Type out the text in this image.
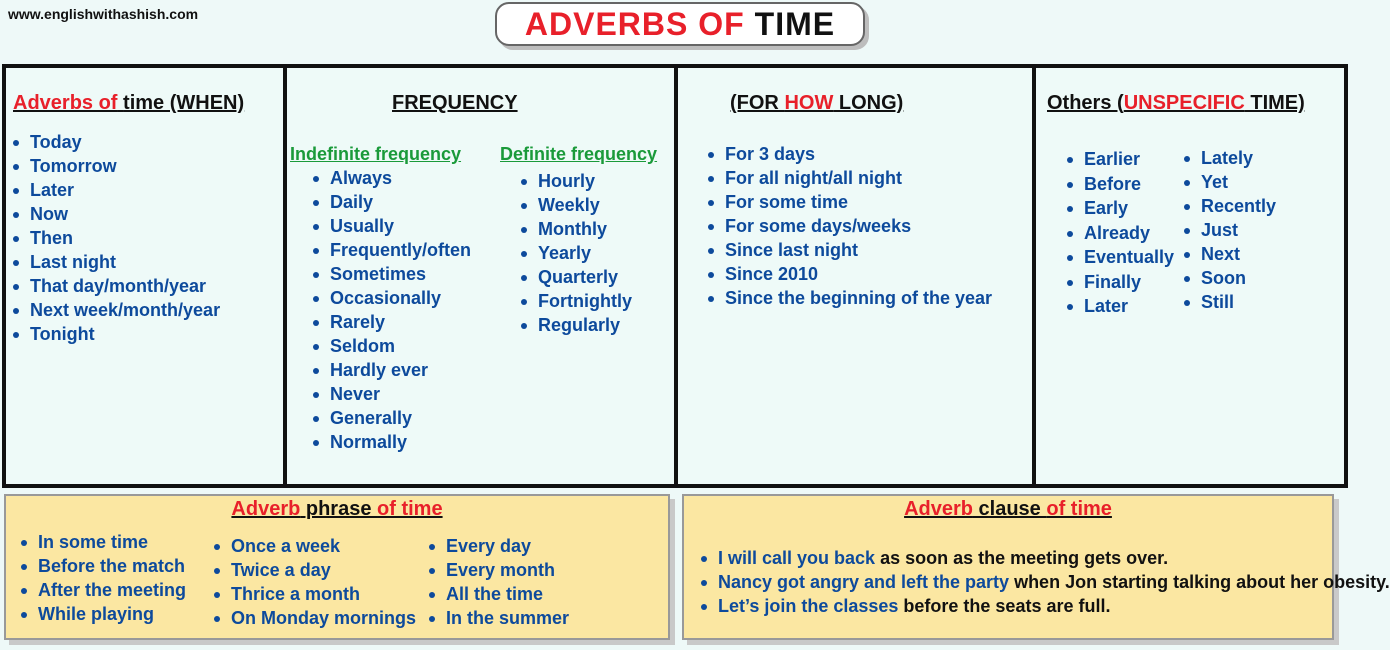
www.englishwithashish.com	ADVERBS OF TIME
Adverbs of time (WHEN)
Today
Tomorrow
Later
Now
Then
Last night
That day/month/year
Next week/month/year
Tonight
FREQUENCY
Indefinite frequency
Always
Daily
Usually
Frequently/often
Sometimes
Occasionally
Rarely
Seldom
Hardly ever
Never
Generally
Normally
Definite frequency
Hourly
Weekly
Monthly
Yearly
Quarterly
Fortnightly
Regularly
(FOR HOW LONG)
For 3 days
For all night/all night
For some time
For some days/weeks
Since last night
Since 2010
Since the beginning of the year
Others (UNSPECIFIC TIME)
Earlier
Before
Early
Already
Eventually
Finally
Later
Lately
Yet
Recently
Just
Next
Soon
Still
Adverb phrase of time
In some time
Before the match
After the meeting
While playing
Once a week
Twice a day
Thrice a month
On Monday mornings
Every day
Every month
All the time
In the summer
Adverb clause of time
I will call you back as soon as the meeting gets over.
Nancy got angry and left the party when Jon starting talking about her obesity.
Let’s join the classes before the seats are full.
